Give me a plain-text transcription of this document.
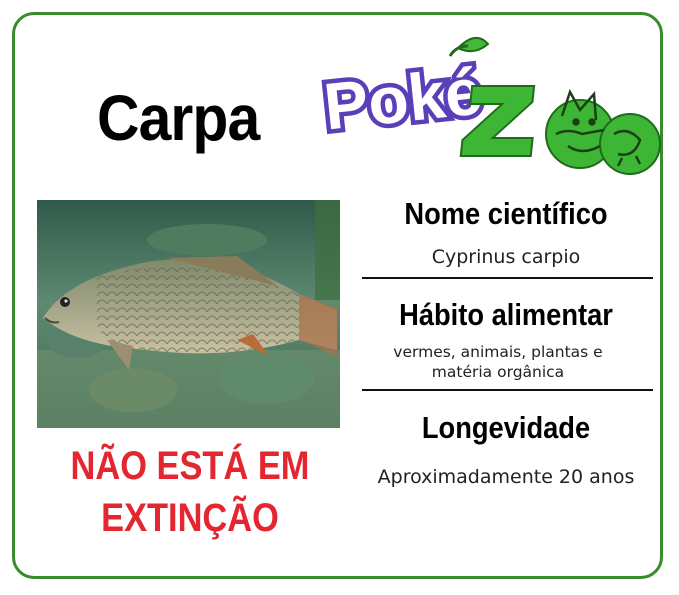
Carpa Poké
ZOO
NÃO ESTÁ EM
EXTINÇÃO
Nome científico
Cyprinus carpio
Hábito alimentar
vermes, animais, plantas e
matéria orgânica
Longevidade
Aproximadamente 20 anos
